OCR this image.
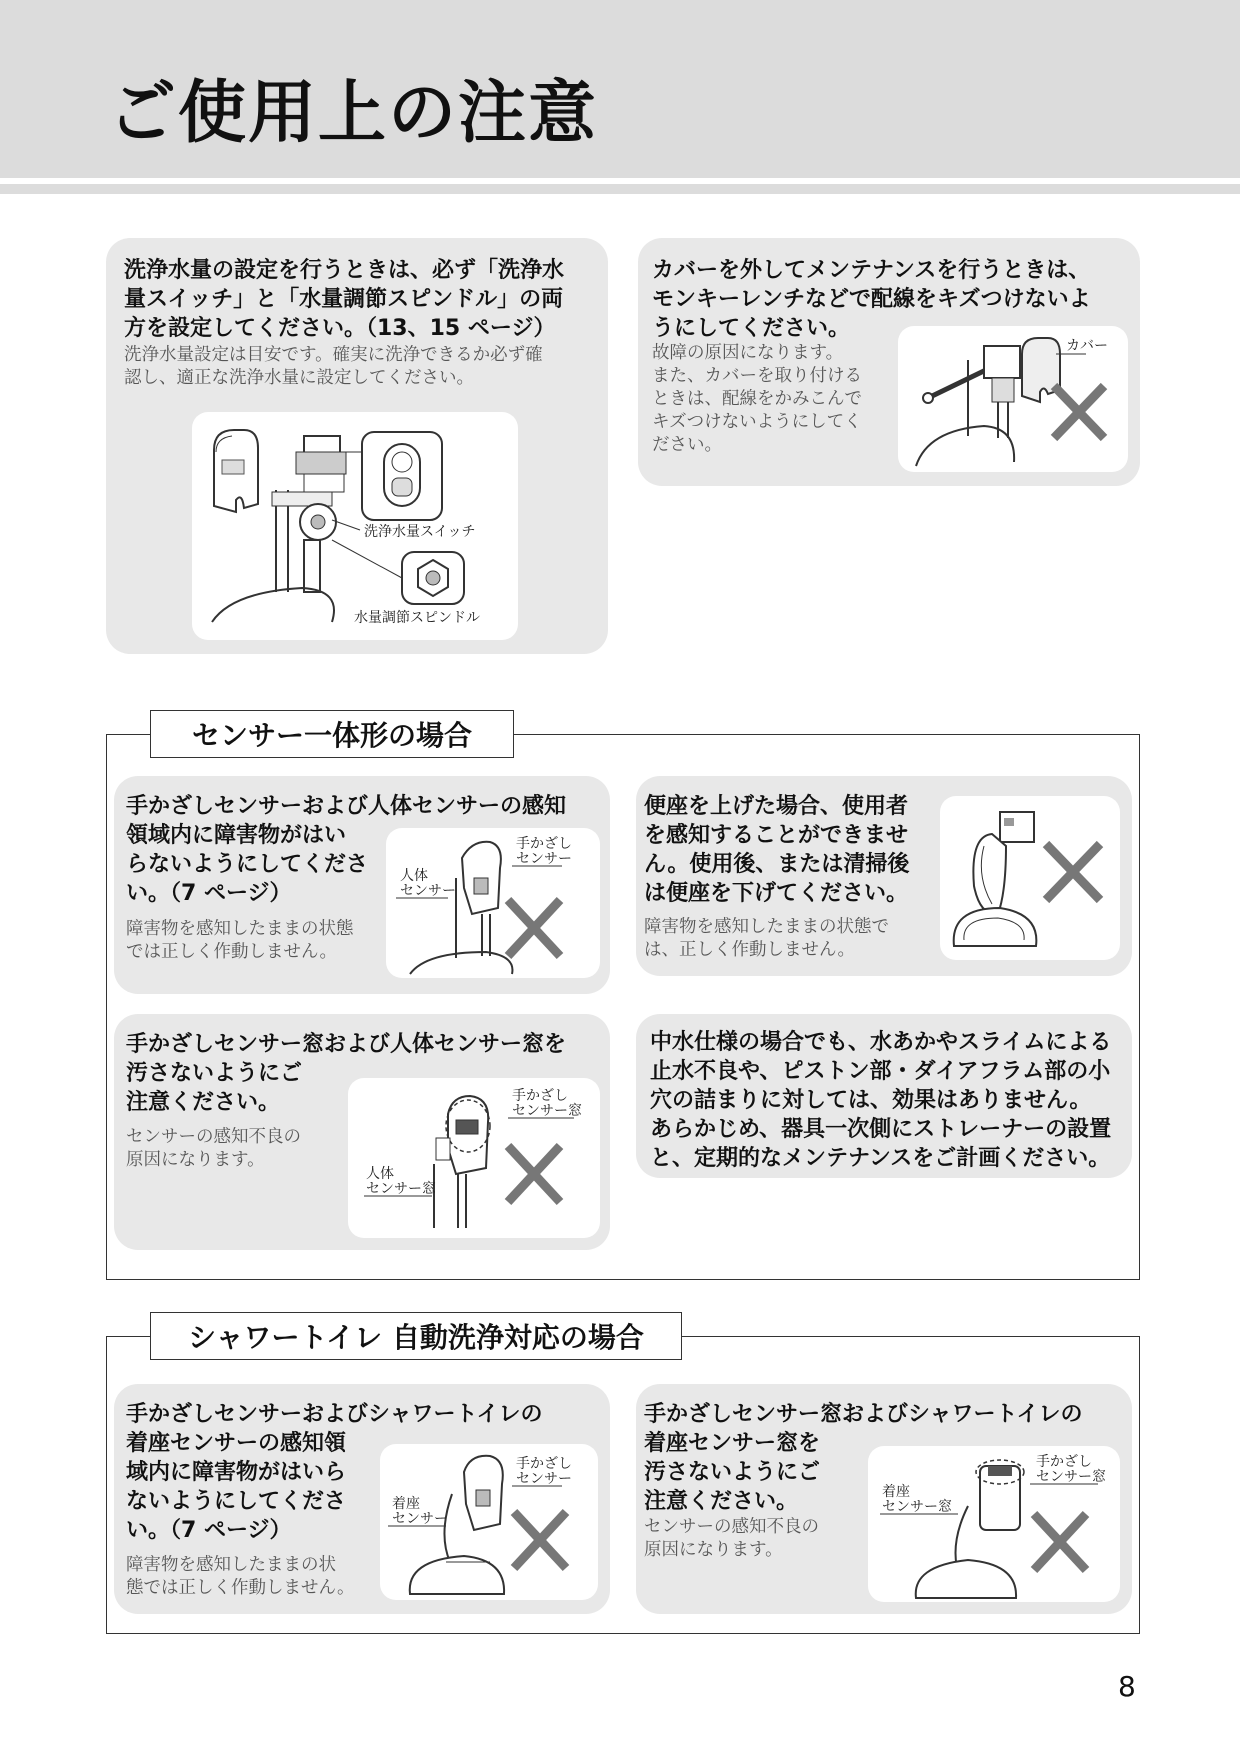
ご使用上の注意
洗浄水量の設定を行うときは、必ず「洗浄水
量スイッチ」と「水量調節スピンドル」の両
方を設定してください。（13、15 ページ）
洗浄水量設定は目安です。確実に洗浄できるか必ず確
認し、適正な洗浄水量に設定してください。
洗浄水量スイッチ
水量調節スピンドル
カバーを外してメンテナンスを行うときは、
モンキーレンチなどで配線をキズつけないよ
うにしてください。
故障の原因になります。
また、カバーを取り付ける
ときは、配線をかみこんで
キズつけないようにしてく
ださい。
カバー
センサー一体形の場合
手かざしセンサーおよび人体センサーの感知
領域内に障害物がはい
らないようにしてくださ
い。（7 ページ）
障害物を感知したままの状態
では正しく作動しません。
手かざし
センサー
人体
センサー
便座を上げた場合、使用者
を感知することができませ
ん。使用後、または清掃後
は便座を下げてください。
障害物を感知したままの状態で
は、正しく作動しません。
手かざしセンサー窓および人体センサー窓を
汚さないようにご
注意ください。
センサーの感知不良の
原因になります。
手かざし
センサー窓
人体
センサー窓
中水仕様の場合でも、水あかやスライムによる
止水不良や、ピストン部・ダイアフラム部の小
穴の詰まりに対しては、効果はありません。
あらかじめ、器具一次側にストレーナーの設置
と、定期的なメンテナンスをご計画ください。
シャワートイレ 自動洗浄対応の場合
手かざしセンサーおよびシャワートイレの
着座センサーの感知領
域内に障害物がはいら
ないようにしてくださ
い。（7 ページ）
障害物を感知したままの状
態では正しく作動しません。
手かざし
センサー
着座
センサー
手かざしセンサー窓およびシャワートイレの
着座センサー窓を
汚さないようにご
注意ください。
センサーの感知不良の
原因になります。
手かざし
センサー窓
着座
センサー窓
8
